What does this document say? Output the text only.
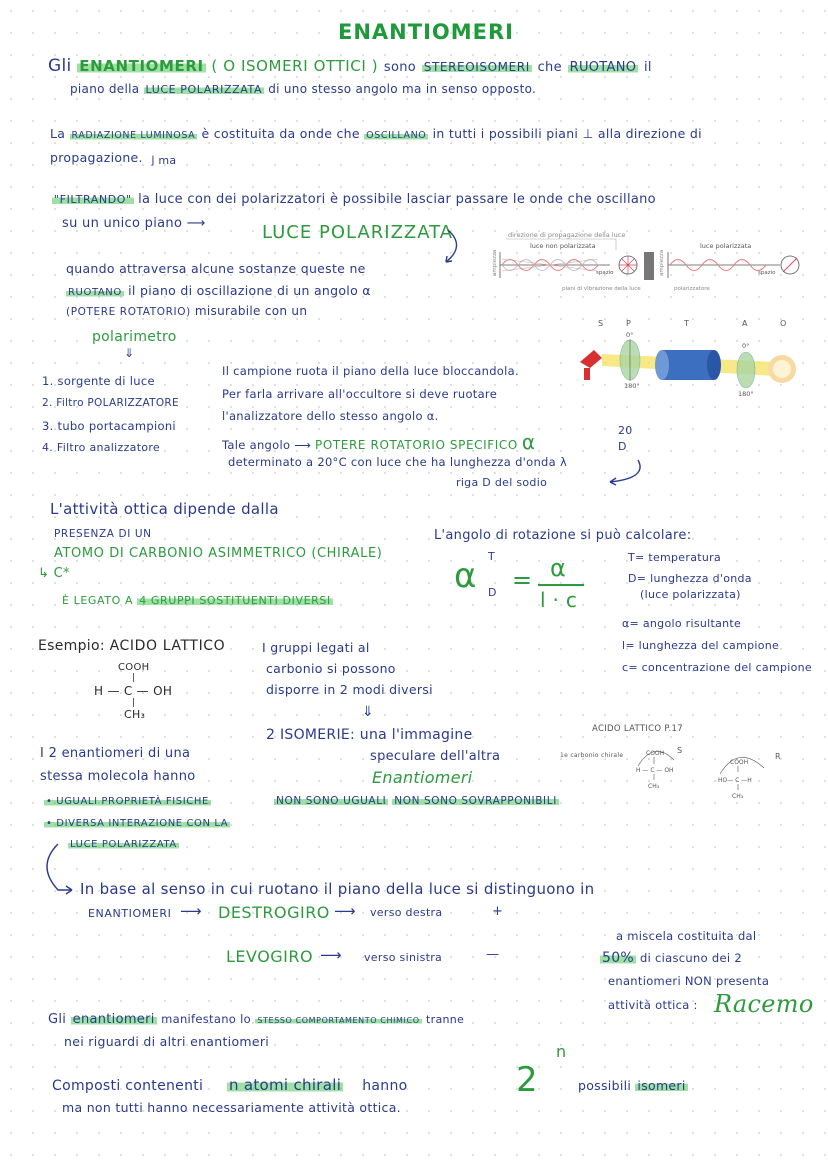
ENANTIOMERI
Gli ENANTIOMERI ( O ISOMERI OTTICI ) sono STEREOISOMERI che RUOTANO il
piano della LUCE POLARIZZATA di uno stesso angolo ma in senso opposto.
La RADIAZIONE LUMINOSA è costituita da onde che OSCILLANO in tutti i possibili piani ⊥ alla direzione di
propagazione. ⌋ ma
"FILTRANDO" la luce con dei polarizzatori è possibile lasciar passare le onde che oscillano
su un unico piano ⟶	LUCE POLARIZZATA
quando attraversa alcune sostanze queste ne
RUOTANO il piano di oscillazione di un angolo α
(POTERE ROTATORIO) misurabile con un
polarimetro
⇓
direzione di propagazione della luce
luce non polarizzata	luce polarizzata
ampiezza	ampiezza
spazio	spazio
piani di vibrazione della luce	polarizzatore
S	P	T	A	O
0°
180°
0°
180°
1. sorgente di luce
2. Filtro POLARIZZATORE
3. tubo portacampioni
4. Filtro analizzatore
Il campione ruota il piano della luce bloccandola.
Per farla arrivare all'occultore si deve ruotare
l'analizzatore dello stesso angolo α.
Tale angolo ⟶ POTERE ROTATORIO SPECIFICO α	20
D
determinato a 20°C con luce che ha lunghezza d'onda λ
riga D del sodio
L'attività ottica dipende dalla
PRESENZA DI UN
ATOMO DI CARBONIO ASIMMETRICO (CHIRALE)
↳ C*
È LEGATO A 4 GRUPPI SOSTITUENTI DIVERSI
L'angolo di rotazione si può calcolare:
α T
D = α
l · c
T= temperatura
D= lunghezza d'onda
(luce polarizzata)
α= angolo risultante
l= lunghezza del campione
c= concentrazione del campione
Esempio: ACIDO LATTICO
COOH
|
H — C — OH
|
CH₃
I gruppi legati al
carbonio si possono
disporre in 2 modi diversi
⇓
2 ISOMERIE: una l'immagine
speculare dell'altra
Enantiomeri
NON SONO UGUALI NON SONO SOVRAPPONIBILI
ACIDO LATTICO P.17
1e carbonio chirale
S
R
COOH
H — C — OH
CH₃
COOH
HO— C —H
CH₃
I 2 enantiomeri di una
stessa molecola hanno
• UGUALI PROPRIETÀ FISICHE
• DIVERSA INTERAZIONE CON LA
LUCE POLARIZZATA
In base al senso in cui ruotano il piano della luce si distinguono in
ENANTIOMERI ⟶ DESTROGIRO ⟶ verso destra	+
LEVOGIRO ⟶ verso sinistra	—
a miscela costituita dal
50% di ciascuno dei 2
enantiomeri NON presenta
attività ottica : Racemo
Gli enantiomeri manifestano lo STESSO COMPORTAMENTO CHIMICO tranne
nei riguardi di altri enantiomeri
Composti contenenti n atomi chirali hanno	2
n
possibili isomeri
ma non tutti hanno necessariamente attività ottica.
